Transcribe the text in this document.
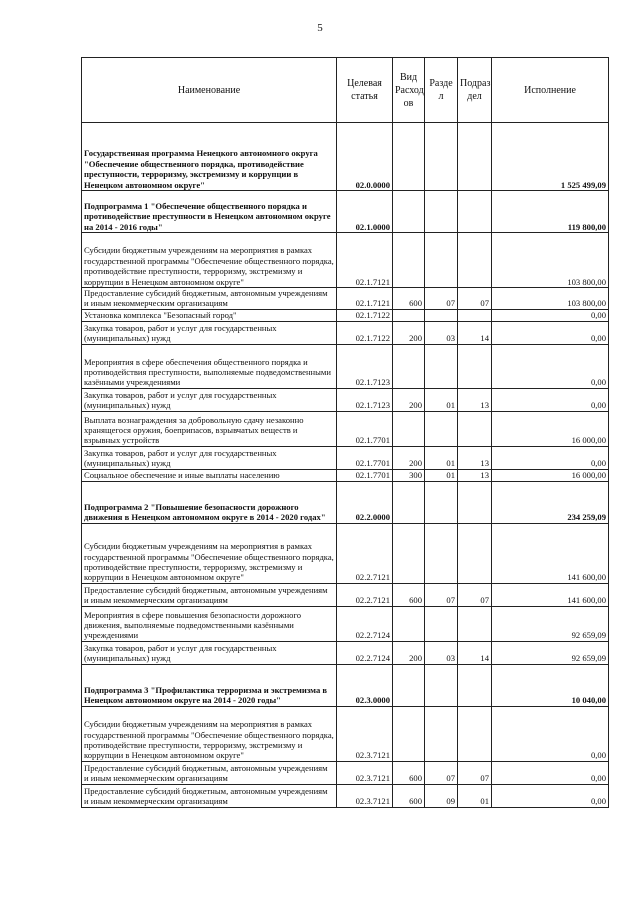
5
Наименование	Целевая статья	Вид Расход ов	Разде л	Подраз дел	Исполнение
Государственная программа Ненецкого автономного округа "Обеспечение общественного порядка, противодействие преступности, терроризму, экстремизму и коррупции в Ненецком автономном округе"	02.0.0000				1 525 499,09
Подпрограмма 1 "Обеспечение общественного порядка и противодействие преступности в Ненецком автономном округе на 2014 - 2016 годы"	02.1.0000				119 800,00
Субсидии бюджетным учреждениям на мероприятия в рамках государственной программы "Обеспечение общественного порядка, противодействие преступности, терроризму, экстремизму и коррупции в Ненецком автономном округе"	02.1.7121				103 800,00
Предоставление субсидий бюджетным, автономным учреждениям и иным некоммерческим организациям	02.1.7121	600	07	07	103 800,00
Установка комплекса "Безопасный город"	02.1.7122				0,00
Закупка товаров, работ и услуг для государственных (муниципальных) нужд	02.1.7122	200	03	14	0,00
Мероприятия в сфере обеспечения общественного порядка и противодействия преступности, выполняемые подведомственными казёнными учреждениями	02.1.7123				0,00
Закупка товаров, работ и услуг для государственных (муниципальных) нужд	02.1.7123	200	01	13	0,00
Выплата вознаграждения за добровольную сдачу незаконно хранящегося оружия, боеприпасов, взрывчатых веществ и взрывных устройств	02.1.7701				16 000,00
Закупка товаров, работ и услуг для государственных (муниципальных) нужд	02.1.7701	200	01	13	0,00
Социальное обеспечение и иные выплаты населению	02.1.7701	300	01	13	16 000,00
Подпрограмма 2 "Повышение безопасности дорожного движения в Ненецком автономном округе в 2014 - 2020 годах"	02.2.0000				234 259,09
Субсидии бюджетным учреждениям на мероприятия в рамках государственной программы "Обеспечение общественного порядка, противодействие преступности, терроризму, экстремизму и коррупции в Ненецком автономном округе"	02.2.7121				141 600,00
Предоставление субсидий бюджетным, автономным учреждениям и иным некоммерческим организациям	02.2.7121	600	07	07	141 600,00
Мероприятия в сфере повышения безопасности дорожного движения, выполняемые подведомственными казёнными учреждениями	02.2.7124				92 659,09
Закупка товаров, работ и услуг для государственных (муниципальных) нужд	02.2.7124	200	03	14	92 659,09
Подпрограмма 3 "Профилактика терроризма и экстремизма в Ненецком автономном округе на 2014 - 2020 годы"	02.3.0000				10 040,00
Субсидии бюджетным учреждениям на мероприятия в рамках государственной программы "Обеспечение общественного порядка, противодействие преступности, терроризму, экстремизму и коррупции в Ненецком автономном округе"	02.3.7121				0,00
Предоставление субсидий бюджетным, автономным учреждениям и иным некоммерческим организациям	02.3.7121	600	07	07	0,00
Предоставление субсидий бюджетным, автономным учреждениям и иным некоммерческим организациям	02.3.7121	600	09	01	0,00
